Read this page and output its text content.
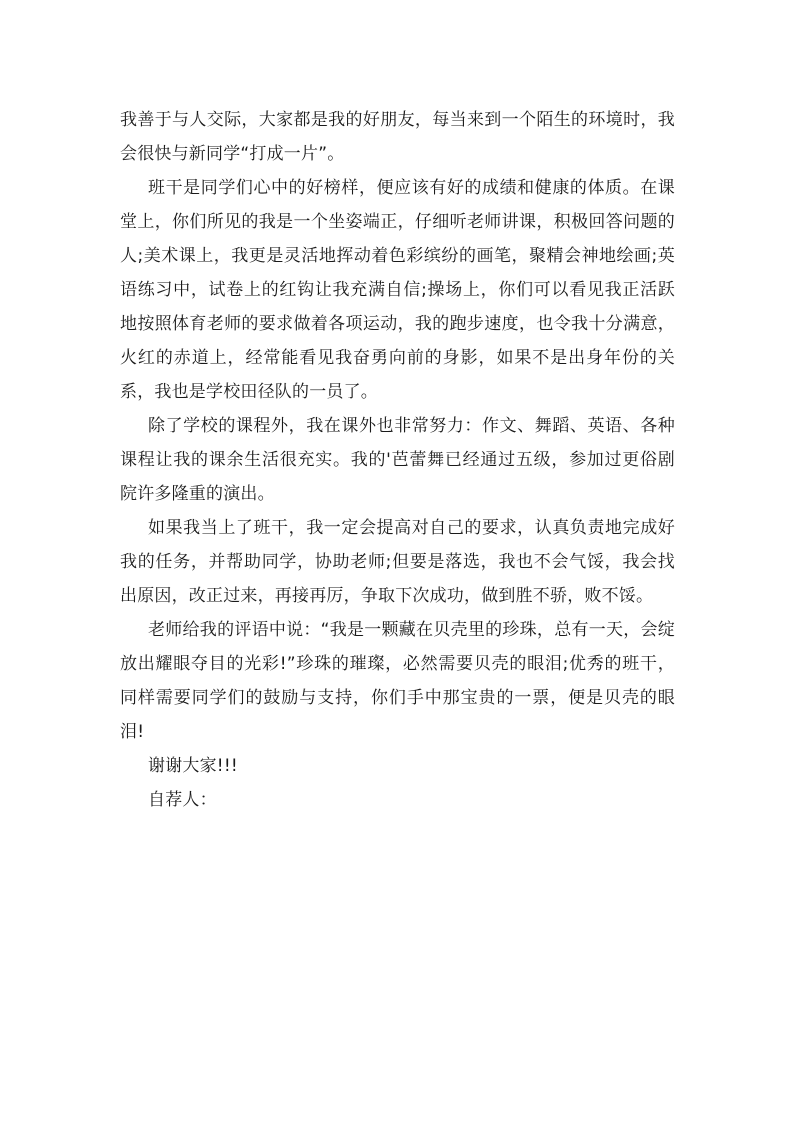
我善于与人交际，大家都是我的好朋友，每当来到一个陌生的环境时，我会很快与新同学“打成一片”。

班干是同学们心中的好榜样，便应该有好的成绩和健康的体质。在课堂上，你们所见的我是一个坐姿端正，仔细听老师讲课，积极回答问题的人;美术课上，我更是灵活地挥动着色彩缤纷的画笔，聚精会神地绘画;英语练习中，试卷上的红钩让我充满自信;操场上，你们可以看见我正活跃地按照体育老师的要求做着各项运动，我的跑步速度，也令我十分满意，火红的赤道上，经常能看见我奋勇向前的身影，如果不是出身年份的关系，我也是学校田径队的一员了。

除了学校的课程外，我在课外也非常努力：作文、舞蹈、英语、各种课程让我的课余生活很充实。我的'芭蕾舞已经通过五级，参加过更俗剧院许多隆重的演出。

如果我当上了班干，我一定会提高对自己的要求，认真负责地完成好我的任务，并帮助同学，协助老师;但要是落选，我也不会气馁，我会找出原因，改正过来，再接再厉，争取下次成功，做到胜不骄，败不馁。

老师给我的评语中说：“我是一颗藏在贝壳里的珍珠，总有一天，会绽放出耀眼夺目的光彩!”珍珠的璀璨，必然需要贝壳的眼泪;优秀的班干，同样需要同学们的鼓励与支持，你们手中那宝贵的一票，便是贝壳的眼泪!

谢谢大家!!!

自荐人：
